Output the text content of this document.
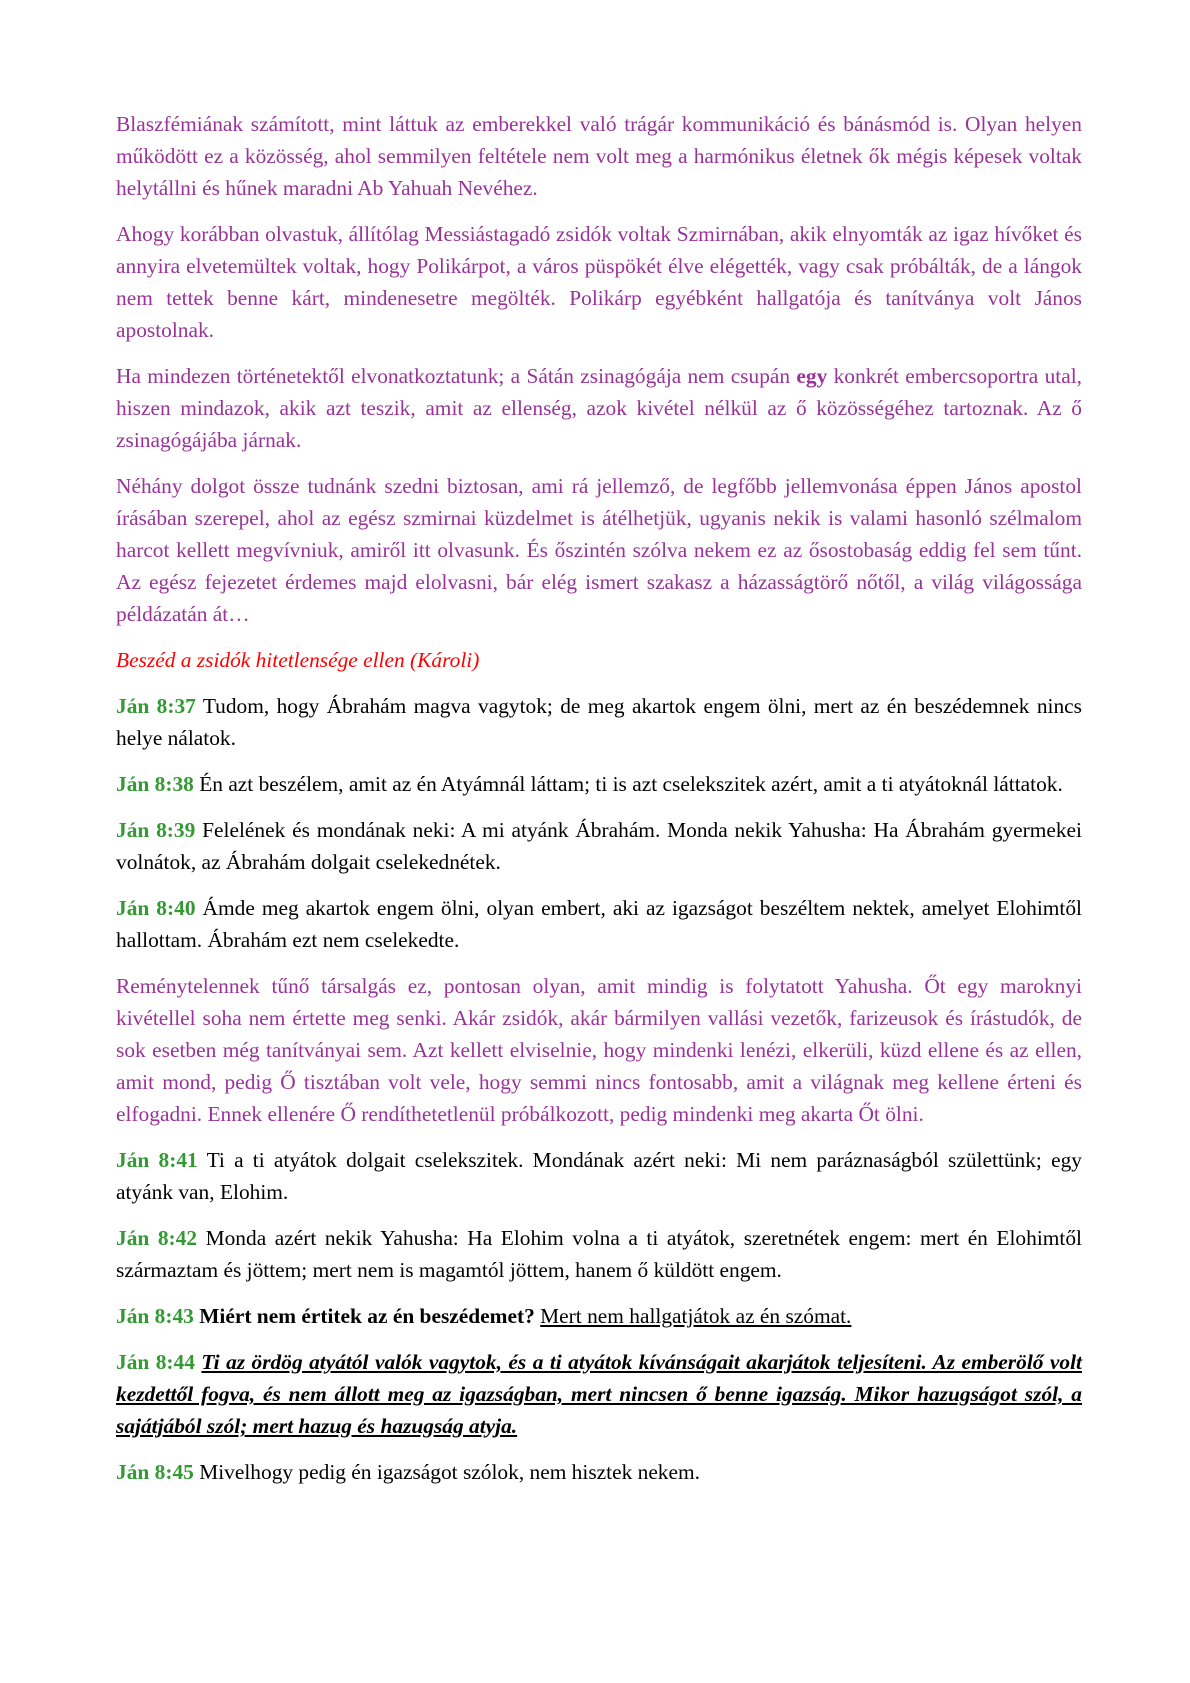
Blaszfémiának számított, mint láttuk az emberekkel való trágár kommunikáció és bánásmód is. Olyan helyen működött ez a közösség, ahol semmilyen feltétele nem volt meg a harmónikus életnek ők mégis képesek voltak helytállni és hűnek maradni Ab Yahuah Nevéhez.

Ahogy korábban olvastuk, állítólag Messiástagadó zsidók voltak Szmirnában, akik elnyomták az igaz hívőket és annyira elvetemültek voltak, hogy Polikárpot, a város püspökét élve elégették, vagy csak próbálták, de a lángok nem tettek benne kárt, mindenesetre megölték. Polikárp egyébként hallgatója és tanítványa volt János apostolnak.

Ha mindezen történetektől elvonatkoztatunk; a Sátán zsinagógája nem csupán egy konkrét embercsoportra utal, hiszen mindazok, akik azt teszik, amit az ellenség, azok kivétel nélkül az ő közösségéhez tartoznak. Az ő zsinagógájába járnak.

Néhány dolgot össze tudnánk szedni biztosan, ami rá jellemző, de legfőbb jellemvonása éppen János apostol írásában szerepel, ahol az egész szmirnai küzdelmet is átélhetjük, ugyanis nekik is valami hasonló szélmalom harcot kellett megvívniuk, amiről itt olvasunk. És őszintén szólva nekem ez az ősostobaság eddig fel sem tűnt. Az egész fejezetet érdemes majd elolvasni, bár elég ismert szakasz a házasságtörő nőtől, a világ világossága példázatán át…

Beszéd a zsidók hitetlensége ellen (Károli)

Ján 8:37 Tudom, hogy Ábrahám magva vagytok; de meg akartok engem ölni, mert az én beszédemnek nincs helye nálatok.

Ján 8:38 Én azt beszélem, amit az én Atyámnál láttam; ti is azt cselekszitek azért, amit a ti atyátoknál láttatok.

Ján 8:39 Felelének és mondának neki: A mi atyánk Ábrahám. Monda nekik Yahusha: Ha Ábrahám gyermekei volnátok, az Ábrahám dolgait cselekednétek.

Ján 8:40 Ámde meg akartok engem ölni, olyan embert, aki az igazságot beszéltem nektek, amelyet Elohimtől hallottam. Ábrahám ezt nem cselekedte.

Reménytelennek tűnő társalgás ez, pontosan olyan, amit mindig is folytatott Yahusha. Őt egy maroknyi kivétellel soha nem értette meg senki. Akár zsidók, akár bármilyen vallási vezetők, farizeusok és írástudók, de sok esetben még tanítványai sem. Azt kellett elviselnie, hogy mindenki lenézi, elkerüli, küzd ellene és az ellen, amit mond, pedig Ő tisztában volt vele, hogy semmi nincs fontosabb, amit a világnak meg kellene érteni és elfogadni. Ennek ellenére Ő rendíthetetlenül próbálkozott, pedig mindenki meg akarta Őt ölni.

Ján 8:41 Ti a ti atyátok dolgait cselekszitek. Mondának azért neki: Mi nem paráznaságból születtünk; egy atyánk van, Elohim.

Ján 8:42 Monda azért nekik Yahusha: Ha Elohim volna a ti atyátok, szeretnétek engem: mert én Elohimtől származtam és jöttem; mert nem is magamtól jöttem, hanem ő küldött engem.

Ján 8:43 Miért nem értitek az én beszédemet? Mert nem hallgatjátok az én szómat.

Ján 8:44 Ti az ördög atyától valók vagytok, és a ti atyátok kívánságait akarjátok teljesíteni. Az emberölő volt kezdettől fogva, és nem állott meg az igazságban, mert nincsen ő benne igazság. Mikor hazugságot szól, a sajátjából szól; mert hazug és hazugság atyja.

Ján 8:45 Mivelhogy pedig én igazságot szólok, nem hisztek nekem.
